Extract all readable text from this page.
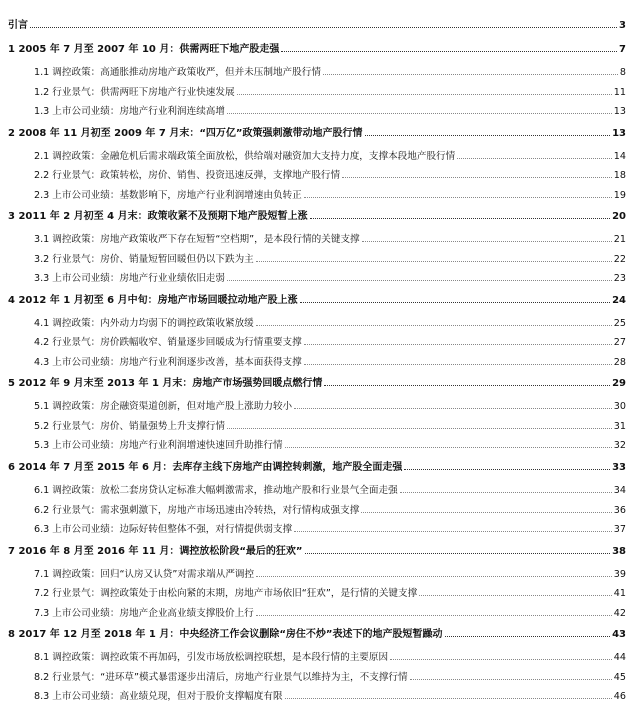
引言	3
1 2005 年 7 月至 2007 年 10 月：供需两旺下地产股走强	7
1.1 调控政策：高通胀推动房地产政策收严，但并未压制地产股行情	8
1.2 行业景气：供需两旺下房地产行业快速发展	11
1.3 上市公司业绩：房地产行业利润连续高增	13
2 2008 年 11 月初至 2009 年 7 月末：“四万亿”政策强刺激带动地产股行情	13
2.1 调控政策：金融危机后需求端政策全面放松，供给端对融资加大支持力度，支撑本段地产股行情	14
2.2 行业景气：政策转松，房价、销售、投资迅速反弹，支撑地产股行情	18
2.3 上市公司业绩：基数影响下，房地产行业利润增速由负转正	19
3 2011 年 2 月初至 4 月末：政策收紧不及预期下地产股短暂上涨	20
3.1 调控政策：房地产政策收严下存在短暂“空档期”，是本段行情的关键支撑	21
3.2 行业景气：房价、销量短暂回暖但仍以下跌为主	22
3.3 上市公司业绩：房地产行业业绩依旧走弱	23
4 2012 年 1 月初至 6 月中旬：房地产市场回暖拉动地产股上涨	24
4.1 调控政策：内外动力均弱下的调控政策收紧放缓	25
4.2 行业景气：房价跌幅收窄、销量逐步回暖成为行情重要支撑	27
4.3 上市公司业绩：房地产行业利润逐步改善，基本面获得支撑	28
5 2012 年 9 月末至 2013 年 1 月末：房地产市场强势回暖点燃行情	29
5.1 调控政策：房企融资渠道创新，但对地产股上涨助力较小	30
5.2 行业景气：房价、销量强势上升支撑行情	31
5.3 上市公司业绩：房地产行业利润增速快速回升助推行情	32
6 2014 年 7 月至 2015 年 6 月：去库存主线下房地产由调控转刺激，地产股全面走强	33
6.1 调控政策：放松二套房贷认定标准大幅刺激需求，推动地产股和行业景气全面走强	34
6.2 行业景气：需求强刺激下，房地产市场迅速由冷转热，对行情构成强支撑	36
6.3 上市公司业绩：边际好转但整体不强，对行情提供弱支撑	37
7 2016 年 8 月至 2016 年 11 月：调控放松阶段“最后的狂欢”	38
7.1 调控政策：回归“认房又认贷”对需求端从严调控	39
7.2 行业景气：调控政策处于由松向紧的末期，房地产市场依旧“狂欢”，是行情的关键支撑	41
7.3 上市公司业绩：房地产企业高业绩支撑股价上行	42
8 2017 年 12 月至 2018 年 1 月：中央经济工作会议删除“房住不炒”表述下的地产股短暂躁动	43
8.1 调控政策：调控政策不再加码，引发市场放松调控联想，是本段行情的主要原因	44
8.2 行业景气：“进环草”模式暴雷逐步出清后，房地产行业景气以维持为主，不支撑行情	45
8.3 上市公司业绩：高业绩兑现，但对于股价支撑幅度有限	46
